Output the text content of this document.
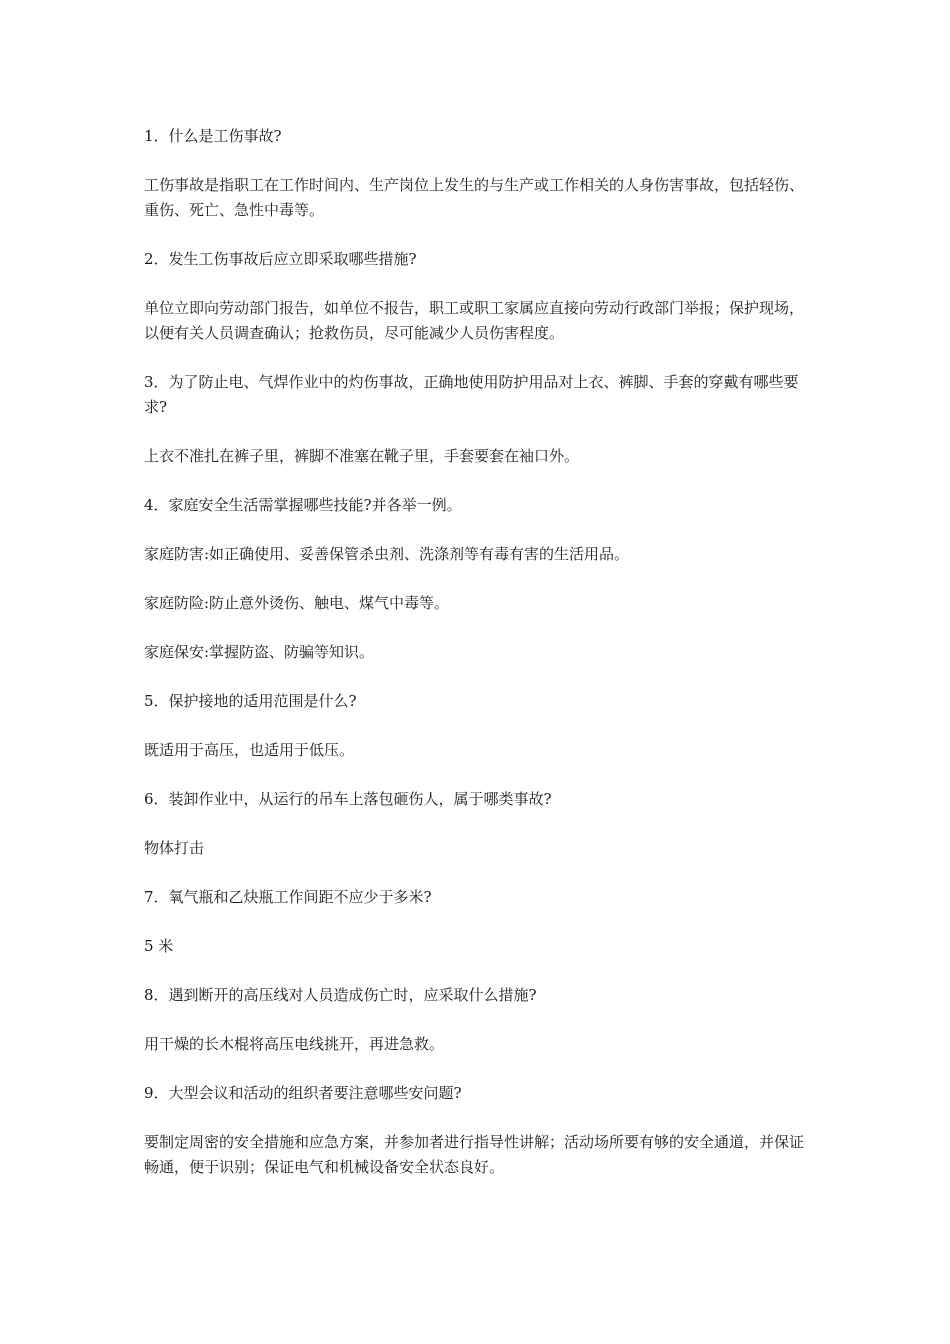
1．什么是工伤事故?

工伤事故是指职工在工作时间内、生产岗位上发生的与生产或工作相关的人身伤害事故，包括轻伤、重伤、死亡、急性中毒等。

2．发生工伤事故后应立即采取哪些措施?

单位立即向劳动部门报告，如单位不报告，职工或职工家属应直接向劳动行政部门举报；保护现场，以便有关人员调查确认；抢救伤员，尽可能减少人员伤害程度。

3．为了防止电、气焊作业中的灼伤事故，正确地使用防护用品对上衣、裤脚、手套的穿戴有哪些要求?

上衣不准扎在裤子里，裤脚不准塞在靴子里，手套要套在袖口外。

4．家庭安全生活需掌握哪些技能?并各举一例。

家庭防害:如正确使用、妥善保管杀虫剂、洗涤剂等有毒有害的生活用品。

家庭防险:防止意外烫伤、触电、煤气中毒等。

家庭保安:掌握防盗、防骗等知识。

5．保护接地的适用范围是什么?

既适用于高压，也适用于低压。

6．装卸作业中，从运行的吊车上落包砸伤人，属于哪类事故?

物体打击

7．氧气瓶和乙炔瓶工作间距不应少于多米?

5 米

8．遇到断开的高压线对人员造成伤亡时，应采取什么措施?

用干燥的长木棍将高压电线挑开，再进急救。

9．大型会议和活动的组织者要注意哪些安问题?

要制定周密的安全措施和应急方案，并参加者进行指导性讲解；活动场所要有够的安全通道，并保证畅通，便于识别；保证电气和机械设备安全状态良好。
